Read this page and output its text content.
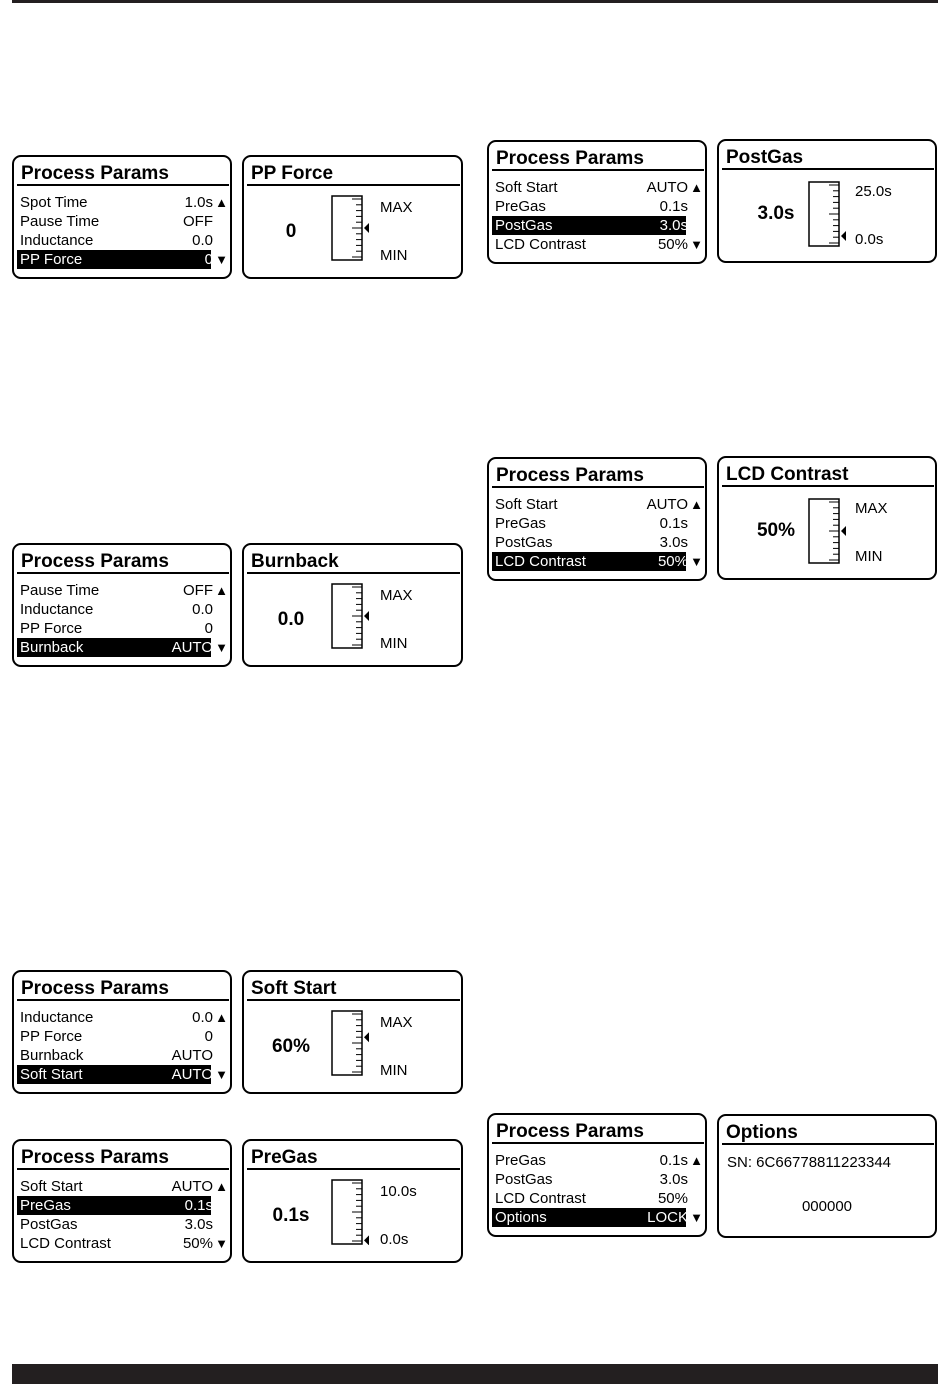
Process Params
Spot Time	1.0s ▲
Pause Time	OFF
Inductance	0.0
PP Force	0 ▼
PP Force
0
MAX
MIN
Process Params
Pause Time	OFF ▲
Inductance	0.0
PP Force	0
Burnback	AUTO ▼
Burnback
0.0
MAX
MIN
Process Params
Inductance	0.0 ▲
PP Force	0
Burnback	AUTO
Soft Start	AUTO ▼
Soft Start
60%
MAX
MIN
Process Params
Soft Start	AUTO ▲
PreGas	0.1s
PostGas	3.0s
LCD Contrast	50% ▼
PreGas
0.1s
10.0s
0.0s
Process Params
Soft Start	AUTO ▲
PreGas	0.1s
PostGas	3.0s
LCD Contrast	50% ▼
PostGas
3.0s
25.0s
0.0s
Process Params
Soft Start	AUTO ▲
PreGas	0.1s
PostGas	3.0s
LCD Contrast	50% ▼
LCD Contrast
50%
MAX
MIN
Process Params
PreGas	0.1s ▲
PostGas	3.0s
LCD Contrast	50%
Options	LOCK ▼
Options
SN: 6C66778811223344
000000
